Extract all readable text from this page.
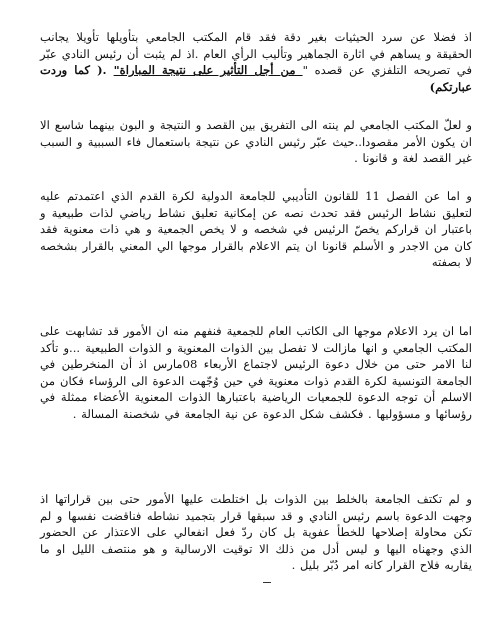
اذ فضلا عن سرد الحيثيات بغير دقة فقد قام المكتب الجامعي بتأويلها تأويلا يجانب الحقيقة و يساهم في اثارة الجماهير وتأليب الرأي العام .اذ لم يثبت أن رئيس النادي عبّر في تصريحه التلفزي عن قصده " من أجل التأثير على نتيجة المباراة" .( كما وردت عبارتكم)
و لعلّ المكتب الجامعي لم ينته الى التفريق بين القصد و النتيجة و البون بينهما شاسع الا ان يكون الأمر مقصودا..حيث عبّر رئيس النادي عن نتيجة باستعمال فاء السببية و السبب غير القصد لغة و قانونا .
و اما عن الفصل 11 للقانون التأديبي للجامعة الدولية لكرة القدم الذي اعتمدتم عليه لتعليق نشاط الرئيس فقد تحدث نصه عن إمكانية تعليق نشاط رياضي لذات طبيعية و باعتبار ان قراركم يخصّ الرئيس في شخصه و لا يخص الجمعية و هي ذات معنوية فقد كان من الاجدر و الأسلم قانونا ان يتم الاعلام بالقرار موجها الي المعني بالقرار بشخصه لا بصفته
اما ان يرد الاعلام موجها الى الكاتب العام للجمعية فنفهم منه ان الأمور قد تشابهت على المكتب الجامعي و انها مازالت لا تفصل بين الذوات المعنوية و الذوات الطبيعية ...و تأكد لنا الامر حتى من خلال دعوة الرئيس لاجتماع الأربعاء 08مارس اذ أن المنخرطين في الجامعة التونسية لكرة القدم ذوات معنوية في حين وُجّهت الدعوة الى الرؤساء فكان من الاسلم أن توجه الدعوة للجمعيات الرياضية باعتبارها الذوات المعنوية الأعضاء ممثلة في رؤسائها و مسؤوليها . فكشف شكل الدعوة عن نية الجامعة في شخصنة المسالة .
و لم تكتف الجامعة بالخلط بين الذوات بل اختلطت عليها الأمور حتى بين قراراتها اذ وجهت الدعوة باسم رئيس النادي و قد سبقها قرار بتجميد نشاطه فناقضت نفسها و لم تكن محاولة إصلاحها للخطأ عفوية بل كان ردّ فعل انفعالي على الاعتذار عن الحضور الذي وجهناه اليها و ليس أدل من ذلك الا توقيت الارسالية و هو منتصف الليل او ما يقاربه فلاح القرار كانه امر دُبّر بليل .
